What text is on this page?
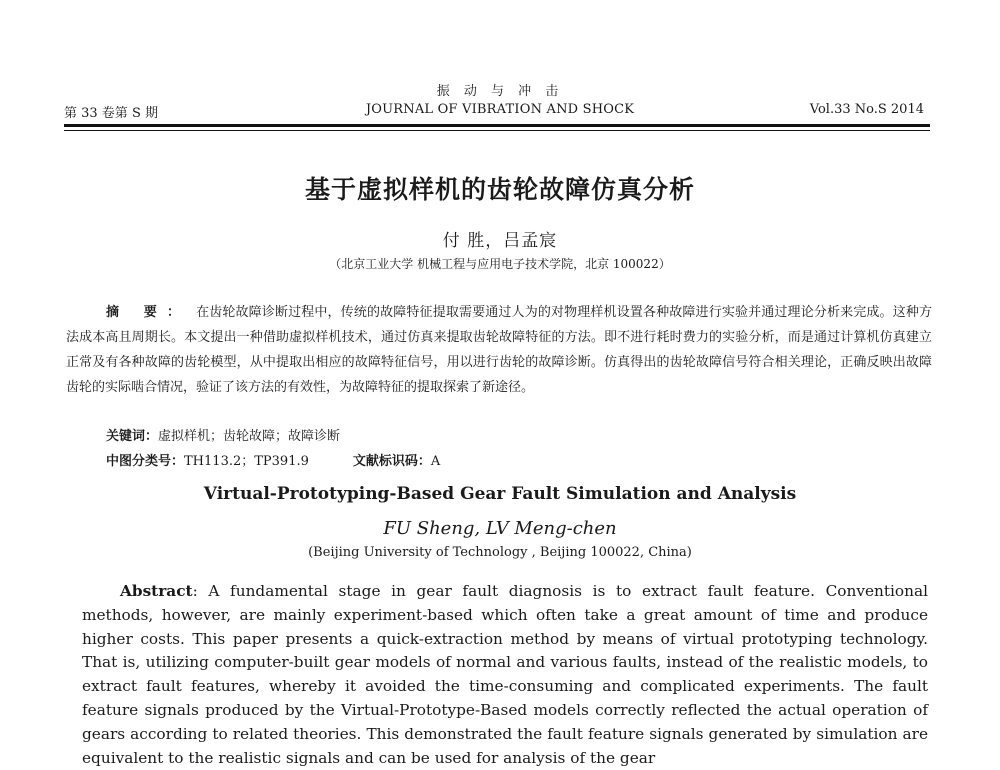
振 动 与 冲 击
第 33 卷第 S 期	JOURNAL OF VIBRATION AND SHOCK	Vol.33 No.S 2014
基于虚拟样机的齿轮故障仿真分析
付 胜，吕孟宸
（北京工业大学 机械工程与应用电子技术学院，北京 100022）
摘 要： 在齿轮故障诊断过程中，传统的故障特征提取需要通过人为的对物理样机设置各种故障进行实验并通过理论分析来完成。这种方法成本高且周期长。本文提出一种借助虚拟样机技术，通过仿真来提取齿轮故障特征的方法。即不进行耗时费力的实验分析，而是通过计算机仿真建立正常及有各种故障的齿轮模型，从中提取出相应的故障特征信号，用以进行齿轮的故障诊断。仿真得出的齿轮故障信号符合相关理论，正确反映出故障齿轮的实际啮合情况，验证了该方法的有效性，为故障特征的提取探索了新途径。
关键词：虚拟样机；齿轮故障；故障诊断
中图分类号：TH113.2；TP391.9	文献标识码：A
Virtual-Prototyping-Based Gear Fault Simulation and Analysis
FU Sheng, LV Meng-chen
(Beijing University of Technology , Beijing 100022, China)
Abstract: A fundamental stage in gear fault diagnosis is to extract fault feature. Conventional methods, however, are mainly experiment-based which often take a great amount of time and produce higher costs. This paper presents a quick-extraction method by means of virtual prototyping technology. That is, utilizing computer-built gear models of normal and various faults, instead of the realistic models, to extract fault features, whereby it avoided the time-consuming and complicated experiments. The fault feature signals produced by the Virtual-Prototype-Based models correctly reflected the actual operation of gears according to related theories. This demonstrated the fault feature signals generated by simulation are equivalent to the realistic signals and can be used for analysis of the gear
